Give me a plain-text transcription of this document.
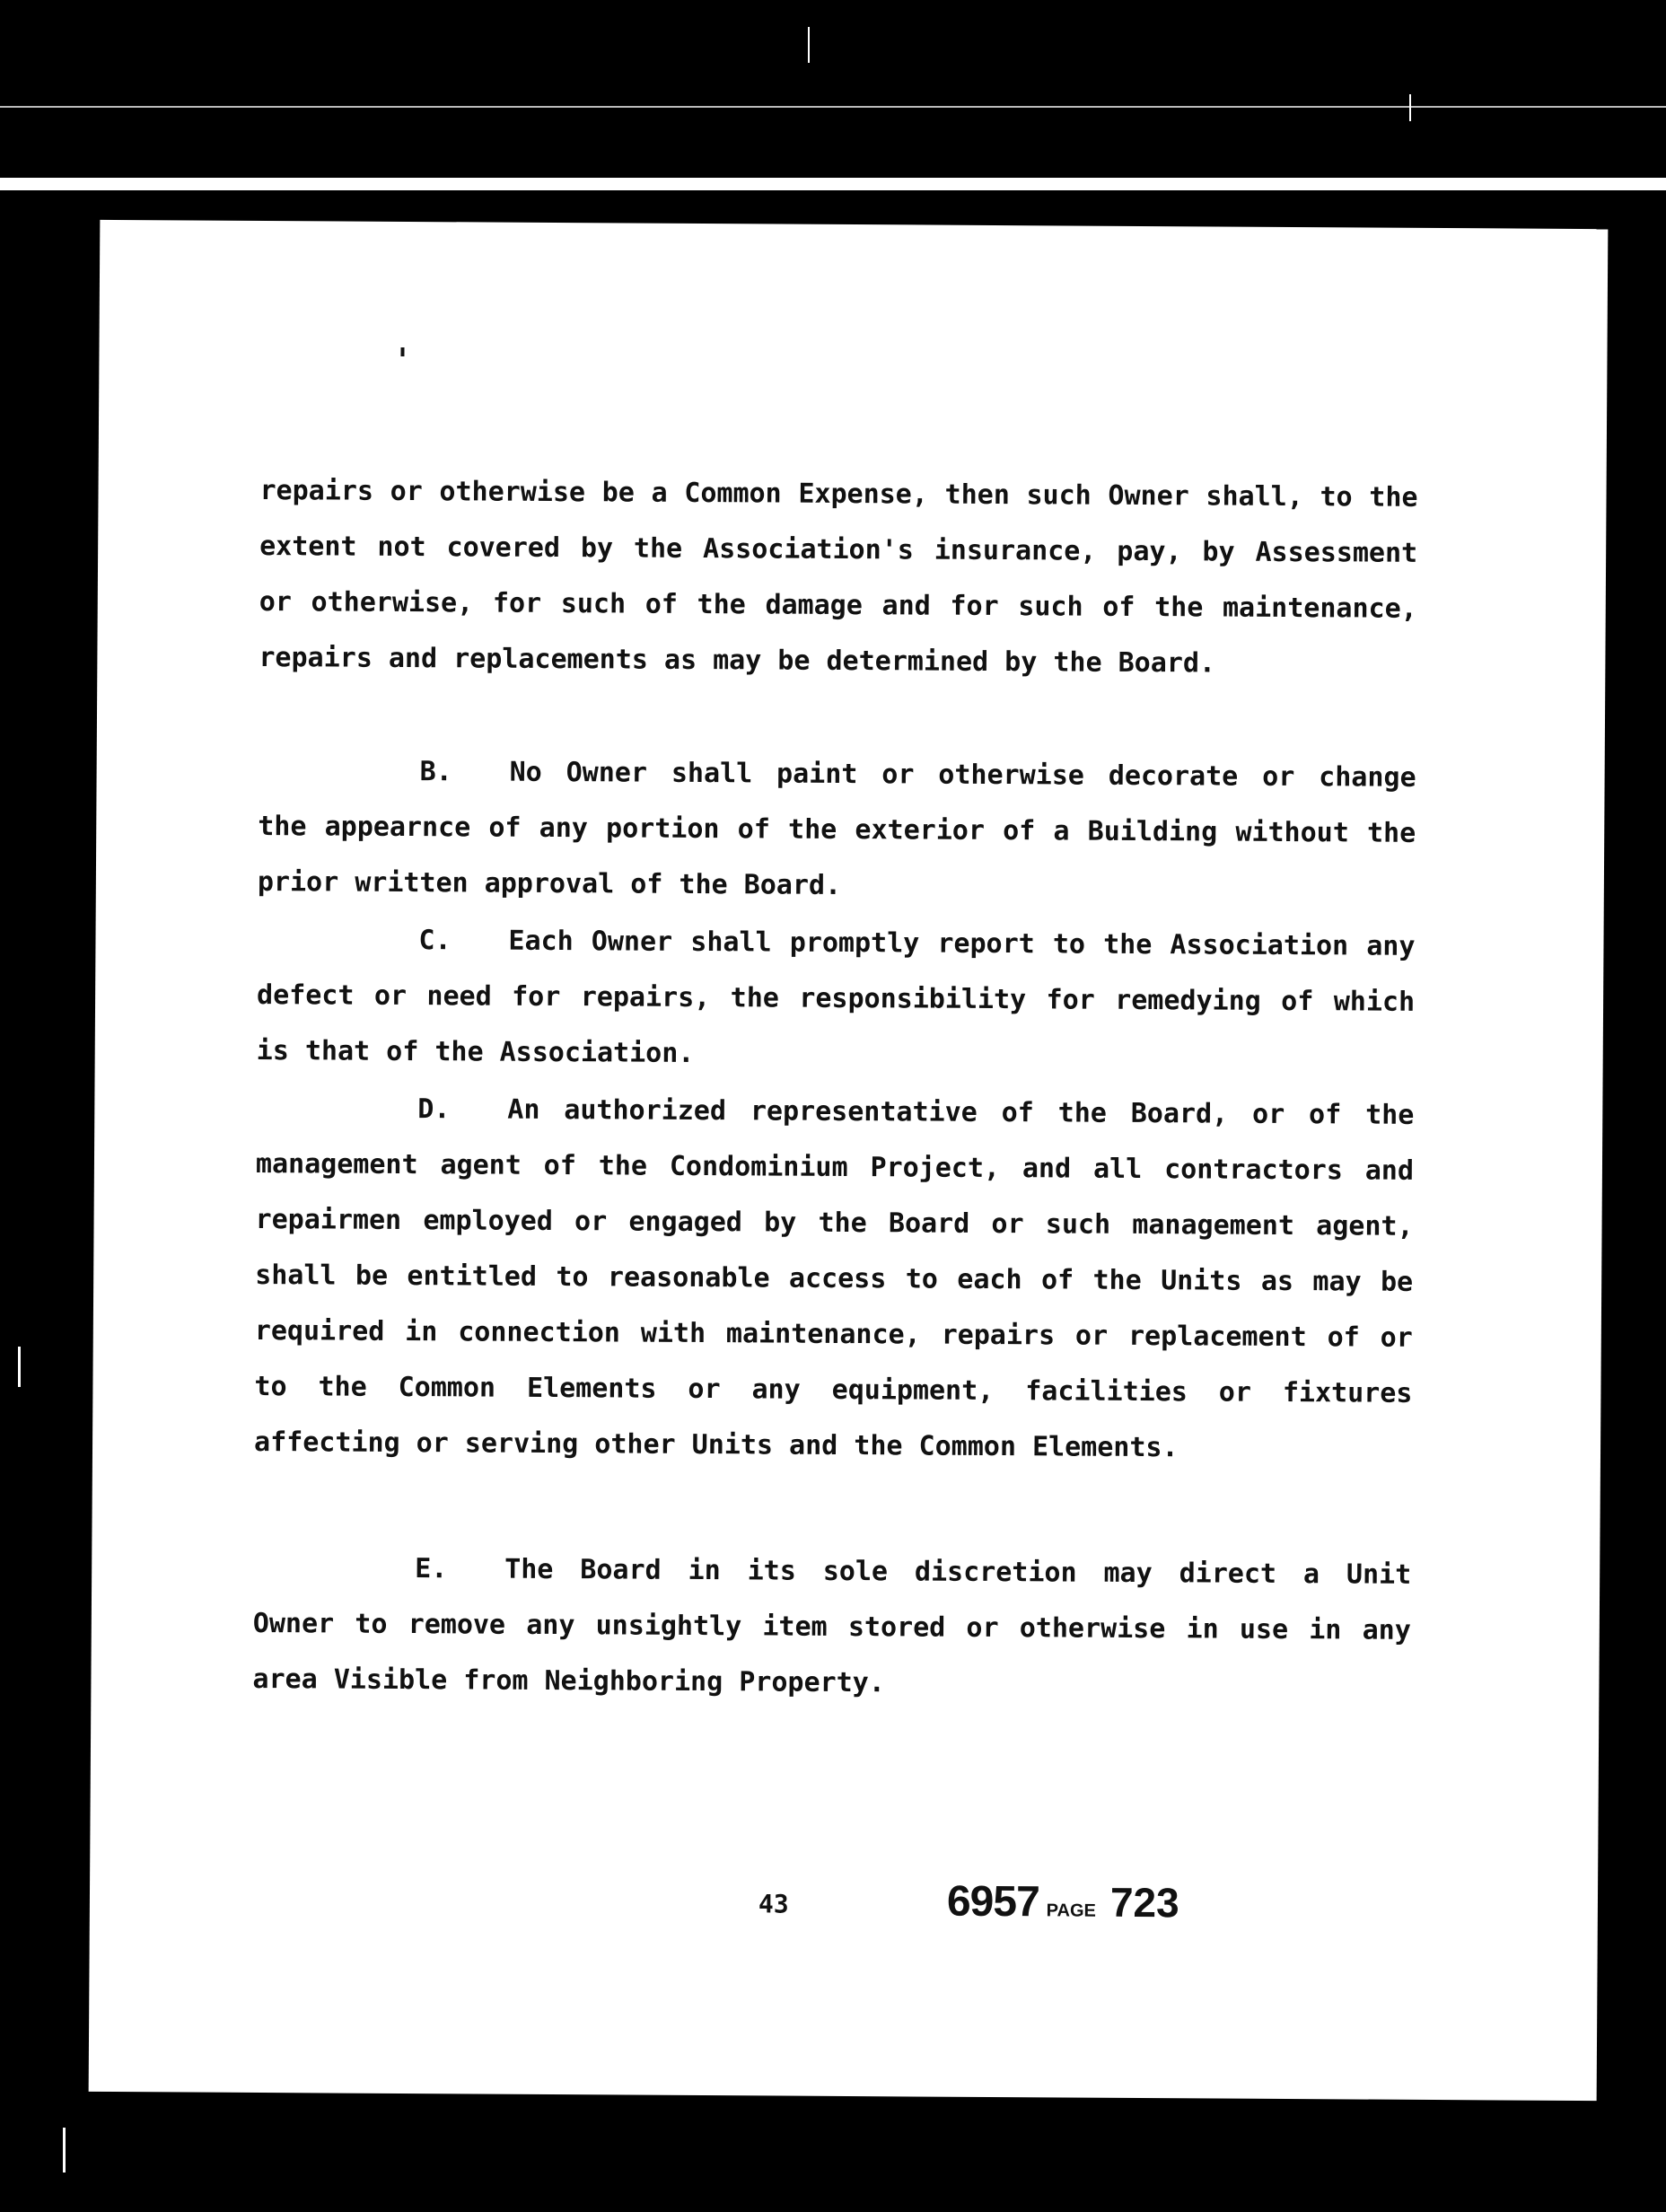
repairs or otherwise be a Common Expense, then such Owner shall, to the extent not covered by the Association's insurance, pay, by Assessment or otherwise, for such of the damage and for such of the maintenance, repairs and replacements as may be determined by the Board.

B. No Owner shall paint or otherwise decorate or change the appearnce of any portion of the exterior of a Building without the prior written approval of the Board.

C. Each Owner shall promptly report to the Association any defect or need for repairs, the responsibility for remedying of which is that of the Association.

D. An authorized representative of the Board, or of the management agent of the Condominium Project, and all contractors and repairmen employed or engaged by the Board or such management agent, shall be entitled to reasonable access to each of the Units as may be required in connection with maintenance, repairs or replacement of or to the Common Elements or any equipment, facilities or fixtures affecting or serving other Units and the Common Elements.

E. The Board in its sole discretion may direct a Unit Owner to remove any unsightly item stored or otherwise in use in any area Visible from Neighboring Property.

43	6957 PAGE 723
